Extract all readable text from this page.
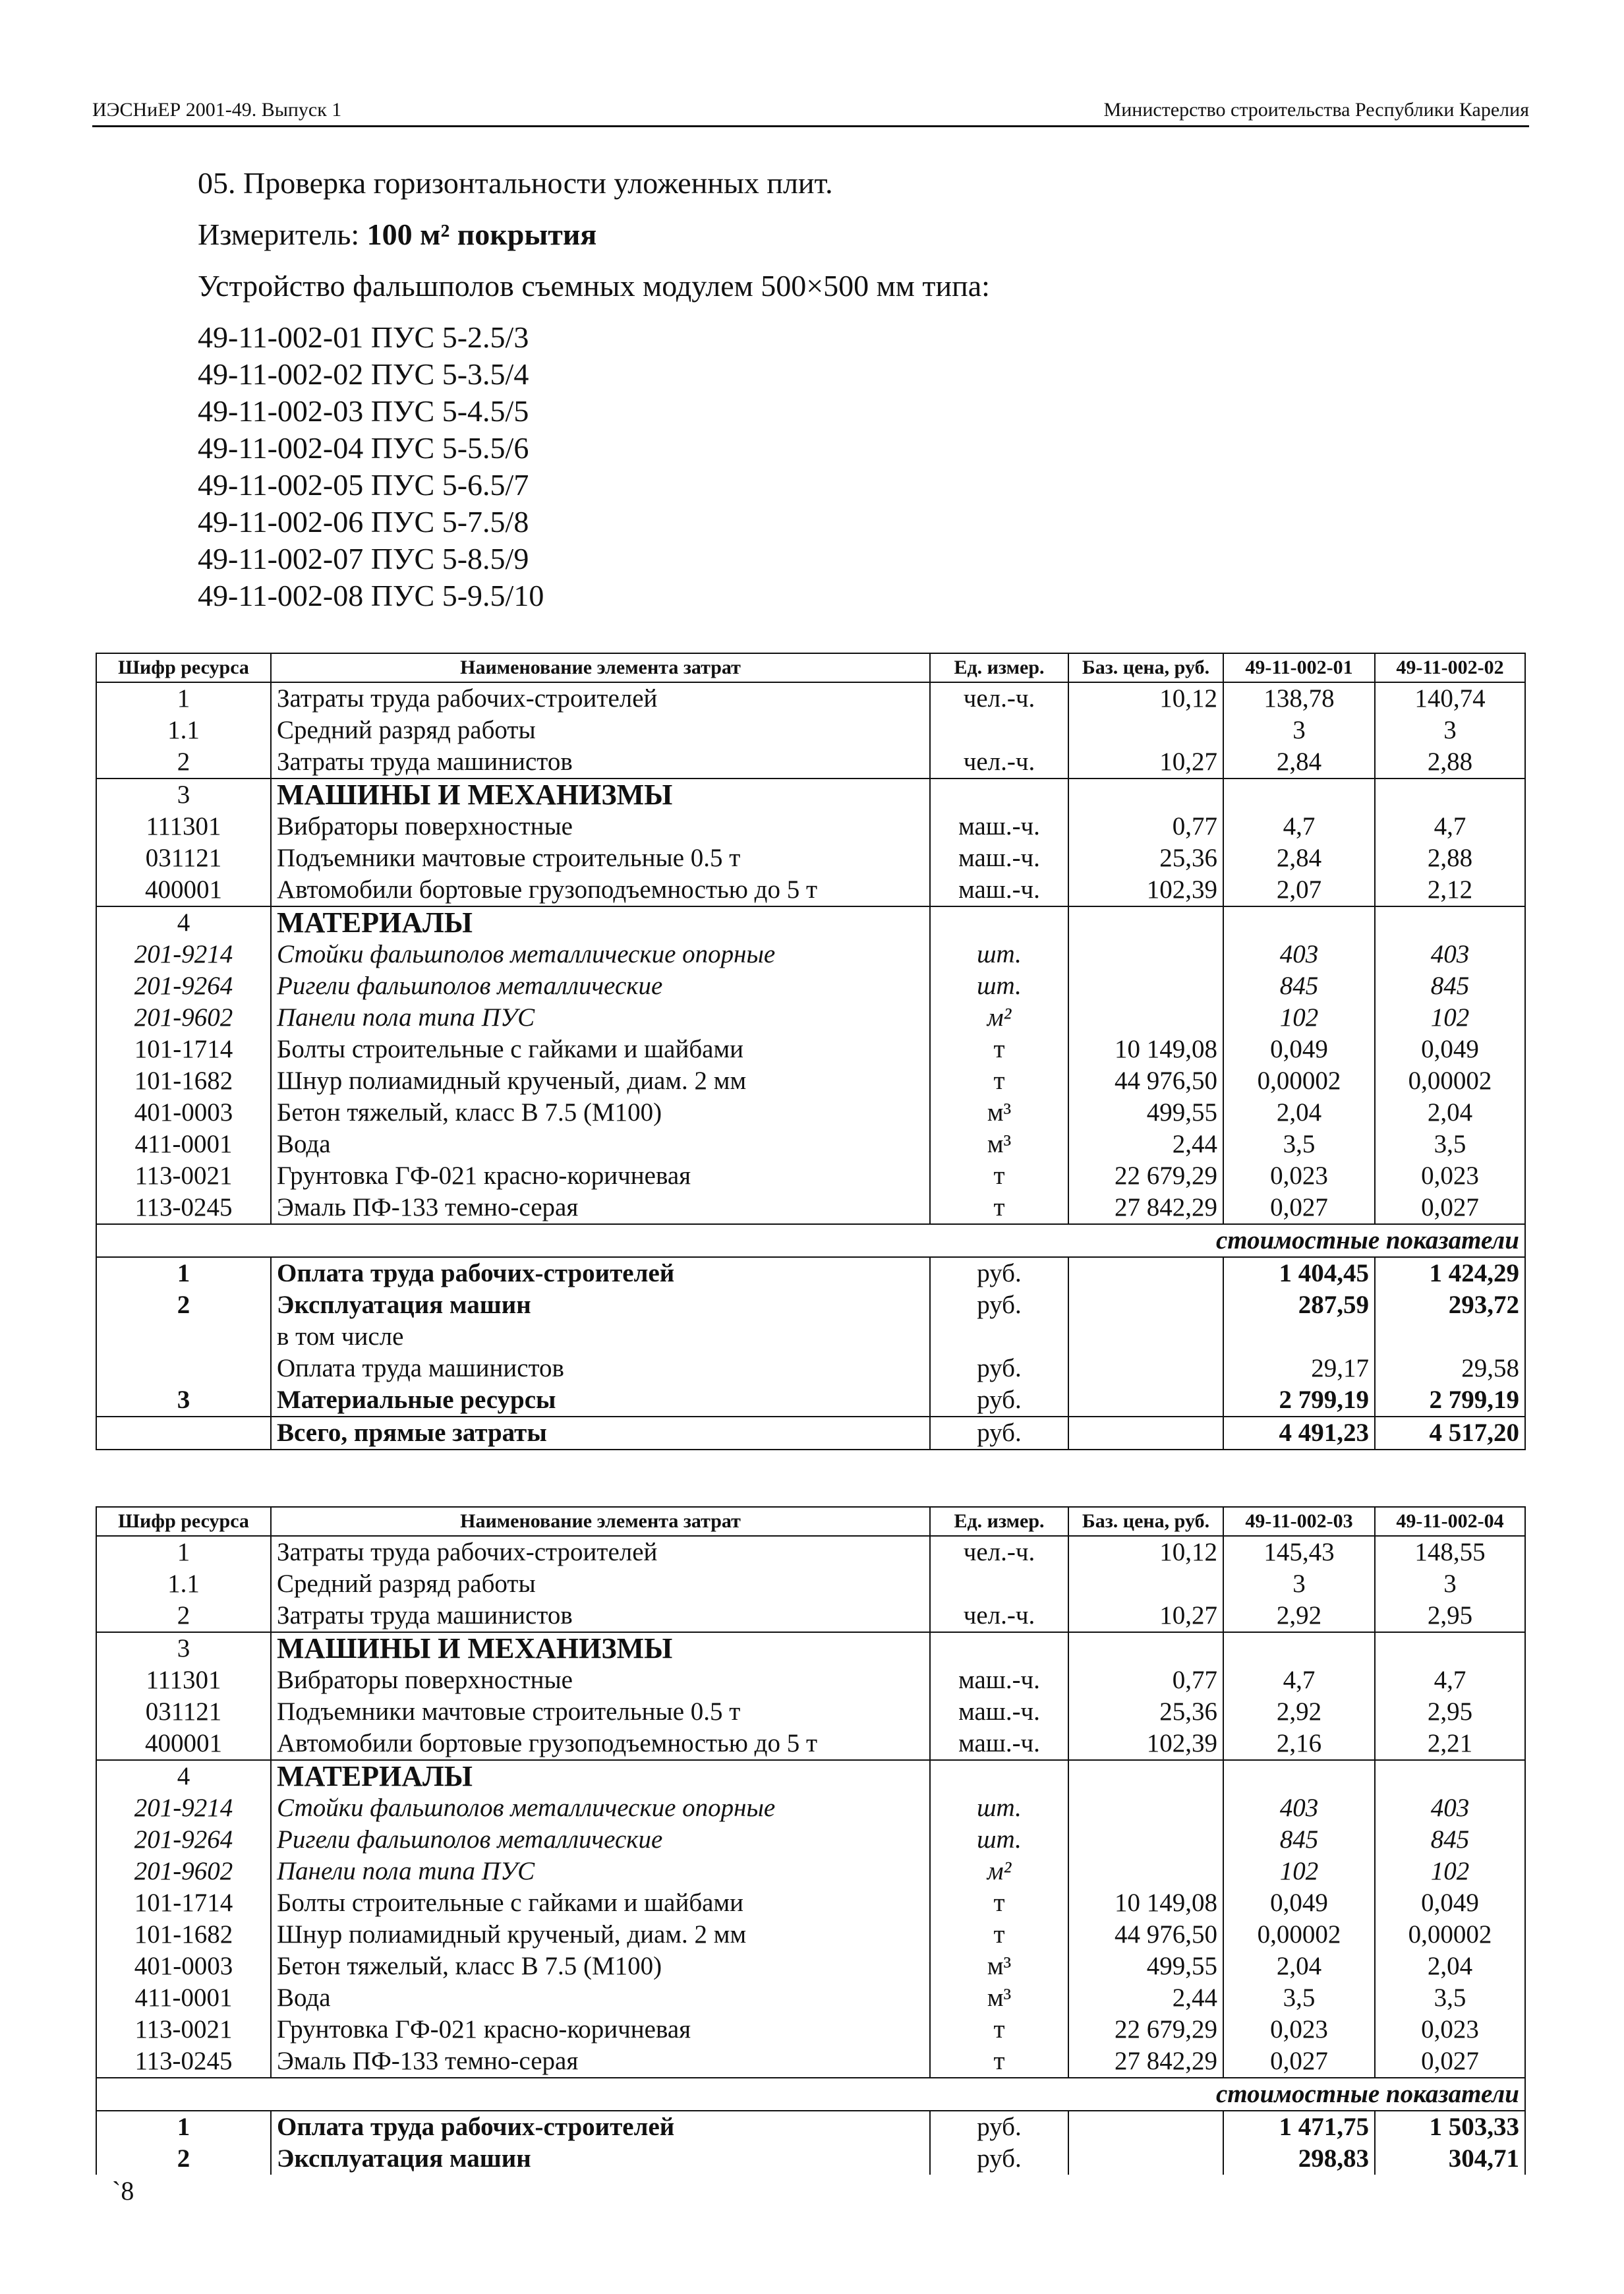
ИЭСНиЕР 2001-49. Выпуск 1	Министерство строительства Республики Карелия
05. Проверка горизонтальности уложенных плит.
Измеритель: 100 м² покрытия
Устройство фальшполов съемных модулем 500×500 мм типа:
49-11-002-01 ПУС 5-2.5/3
49-11-002-02 ПУС 5-3.5/4
49-11-002-03 ПУС 5-4.5/5
49-11-002-04 ПУС 5-5.5/6
49-11-002-05 ПУС 5-6.5/7
49-11-002-06 ПУС 5-7.5/8
49-11-002-07 ПУС 5-8.5/9
49-11-002-08 ПУС 5-9.5/10
Шифр ресурса	Наименование элемента затрат	Ед. измер.	Баз. цена, руб.	49-11-002-01	49-11-002-02
1	Затраты труда рабочих-строителей	чел.-ч.	10,12	138,78	140,74
1.1	Средний разряд работы			3	3
2	Затраты труда машинистов	чел.-ч.	10,27	2,84	2,88
3	МАШИНЫ И МЕХАНИЗМЫ				
111301	Вибраторы поверхностные	маш.-ч.	0,77	4,7	4,7
031121	Подъемники мачтовые строительные 0.5 т	маш.-ч.	25,36	2,84	2,88
400001	Автомобили бортовые грузоподъемностью до 5 т	маш.-ч.	102,39	2,07	2,12
4	МАТЕРИАЛЫ				
201-9214	Стойки фальшполов металлические опорные	шт.		403	403
201-9264	Ригели фальшполов металлические	шт.		845	845
201-9602	Панели пола типа ПУС	м²		102	102
101-1714	Болты строительные с гайками и шайбами	т	10 149,08	0,049	0,049
101-1682	Шнур полиамидный крученый, диам. 2 мм	т	44 976,50	0,00002	0,00002
401-0003	Бетон тяжелый, класс В 7.5 (М100)	м³	499,55	2,04	2,04
411-0001	Вода	м³	2,44	3,5	3,5
113-0021	Грунтовка ГФ-021 красно-коричневая	т	22 679,29	0,023	0,023
113-0245	Эмаль ПФ-133 темно-серая	т	27 842,29	0,027	0,027
стоимостные показатели					
1	Оплата труда рабочих-строителей	руб.		1 404,45	1 424,29
2	Эксплуатация машин	руб.		287,59	293,72
	в том числе				
	Оплата труда машинистов	руб.		29,17	29,58
3	Материальные ресурсы	руб.		2 799,19	2 799,19
	Всего, прямые затраты	руб.		4 491,23	4 517,20
Шифр ресурса	Наименование элемента затрат	Ед. измер.	Баз. цена, руб.	49-11-002-03	49-11-002-04
1	Затраты труда рабочих-строителей	чел.-ч.	10,12	145,43	148,55
1.1	Средний разряд работы			3	3
2	Затраты труда машинистов	чел.-ч.	10,27	2,92	2,95
3	МАШИНЫ И МЕХАНИЗМЫ				
111301	Вибраторы поверхностные	маш.-ч.	0,77	4,7	4,7
031121	Подъемники мачтовые строительные 0.5 т	маш.-ч.	25,36	2,92	2,95
400001	Автомобили бортовые грузоподъемностью до 5 т	маш.-ч.	102,39	2,16	2,21
4	МАТЕРИАЛЫ				
201-9214	Стойки фальшполов металлические опорные	шт.		403	403
201-9264	Ригели фальшполов металлические	шт.		845	845
201-9602	Панели пола типа ПУС	м²		102	102
101-1714	Болты строительные с гайками и шайбами	т	10 149,08	0,049	0,049
101-1682	Шнур полиамидный крученый, диам. 2 мм	т	44 976,50	0,00002	0,00002
401-0003	Бетон тяжелый, класс В 7.5 (М100)	м³	499,55	2,04	2,04
411-0001	Вода	м³	2,44	3,5	3,5
113-0021	Грунтовка ГФ-021 красно-коричневая	т	22 679,29	0,023	0,023
113-0245	Эмаль ПФ-133 темно-серая	т	27 842,29	0,027	0,027
стоимостные показатели					
1	Оплата труда рабочих-строителей	руб.		1 471,75	1 503,33
2	Эксплуатация машин	руб.		298,83	304,71
`8
